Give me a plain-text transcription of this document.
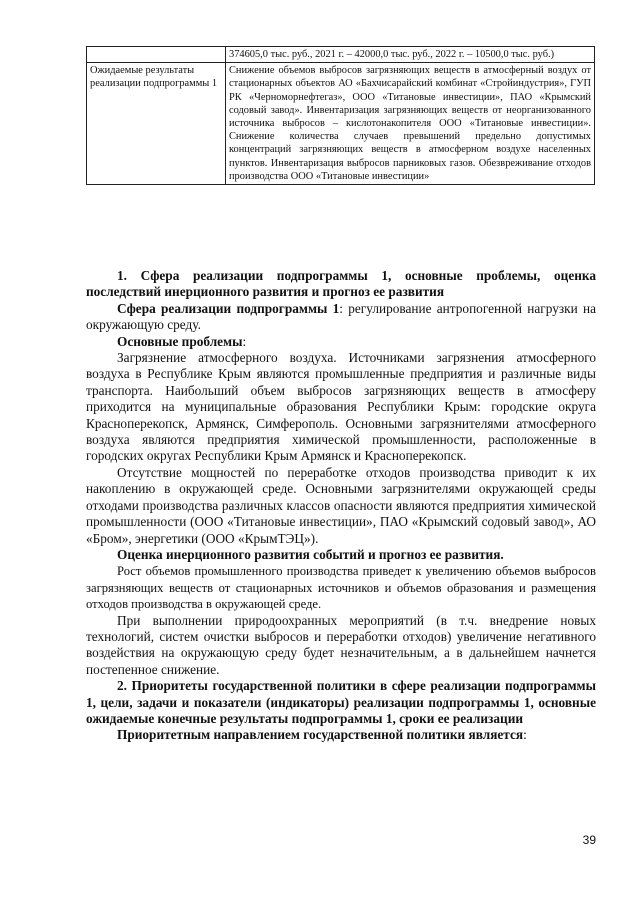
	374605,0 тыс. руб., 2021 г. – 42000,0 тыс. руб., 2022 г. – 10500,0 тыс. руб.)
Ожидаемые результаты реализации подпрограммы 1	Снижение объемов выбросов загрязняющих веществ в атмосферный воздух от стационарных объектов АО «Бахчисарайский комбинат «Стройиндустрия», ГУП РК «Черноморнефтегаз», ООО «Титановые инвестиции», ПАО «Крымский содовый завод». Инвентаризация загрязняющих веществ от неорганизованного источника выбросов – кислотонакопителя ООО «Титановые инвестиции». Снижение количества случаев превышений предельно допустимых концентраций загрязняющих веществ в атмосферном воздухе населенных пунктов. Инвентаризация выбросов парниковых газов. Обезвреживание отходов производства ООО «Титановые инвестиции»

1. Сфера реализации подпрограммы 1, основные проблемы, оценка последствий инерционного развития и прогноз ее развития

Сфера реализации подпрограммы 1: регулирование антропогенной нагрузки на окружающую среду.

Основные проблемы:

Загрязнение атмосферного воздуха. Источниками загрязнения атмосферного воздуха в Республике Крым являются промышленные предприятия и различные виды транспорта. Наибольший объем выбросов загрязняющих веществ в атмосферу приходится на муниципальные образования Республики Крым: городские округа Красноперекопск, Армянск, Симферополь. Основными загрязнителями атмосферного воздуха являются предприятия химической промышленности, расположенные в городских округах Республики Крым Армянск и Красноперекопск.

Отсутствие мощностей по переработке отходов производства приводит к их накоплению в окружающей среде. Основными загрязнителями окружающей среды отходами производства различных классов опасности являются предприятия химической промышленности (ООО «Титановые инвестиции», ПАО «Крымский содовый завод», АО «Бром», энергетики (ООО «КрымТЭЦ»).

Оценка инерционного развития событий и прогноз ее развития.

Рост объемов промышленного производства приведет к увеличению объемов выбросов загрязняющих веществ от стационарных источников и объемов образования и размещения отходов производства в окружающей среде.

При выполнении природоохранных мероприятий (в т.ч. внедрение новых технологий, систем очистки выбросов и переработки отходов) увеличение негативного воздействия на окружающую среду будет незначительным, а в дальнейшем начнется постепенное снижение.

2. Приоритеты государственной политики в сфере реализации подпрограммы 1, цели, задачи и показатели (индикаторы) реализации подпрограммы 1, основные ожидаемые конечные результаты подпрограммы 1, сроки ее реализации

Приоритетным направлением государственной политики является:

39
